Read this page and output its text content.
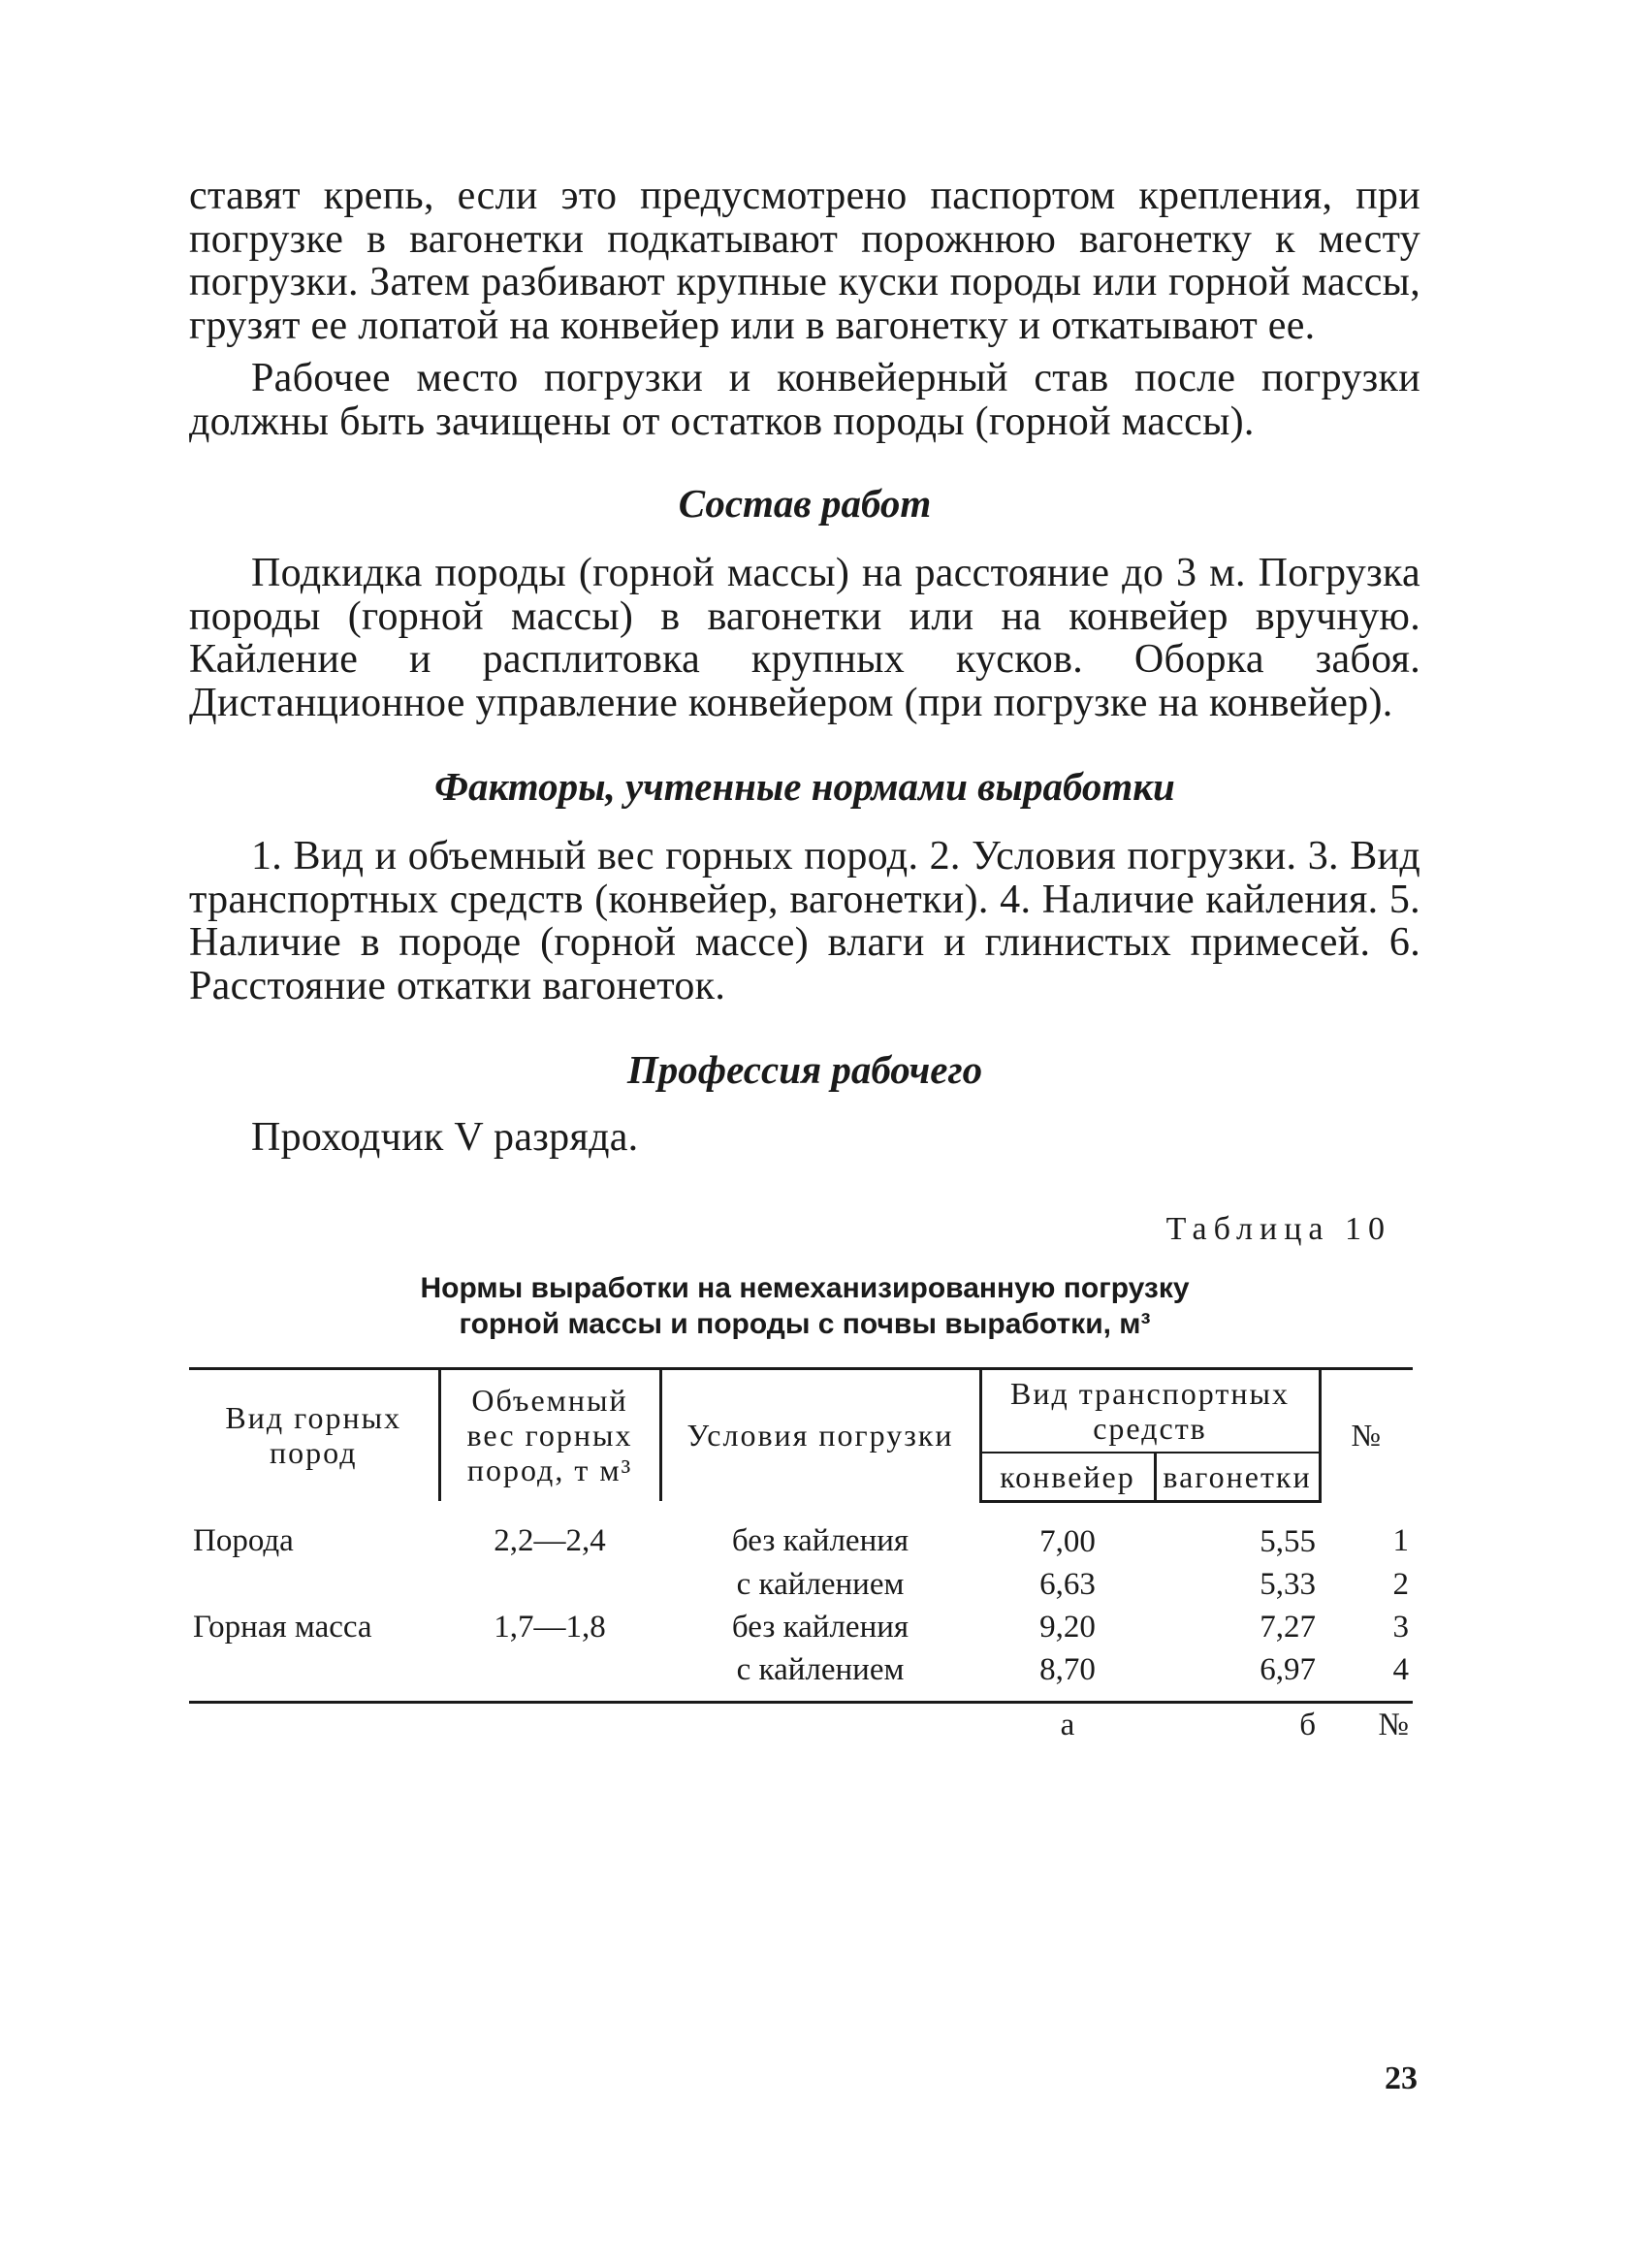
ставят крепь, если это предусмотрено паспортом крепления, при погрузке в вагонетки подкатывают порожнюю вагонетку к месту погрузки. Затем разбивают крупные куски породы или горной массы, грузят ее лопатой на конвейер или в вагонетку и откатывают ее.

Рабочее место погрузки и конвейерный став после погрузки должны быть зачищены от остатков породы (горной массы).

Состав работ

Подкидка породы (горной массы) на расстояние до 3 м. Погрузка породы (горной массы) в вагонетки или на конвейер вручную. Кайление и расплитовка крупных кусков. Оборка забоя. Дистанционное управление конвейером (при погрузке на конвейер).

Факторы, учтенные нормами выработки

1. Вид и объемный вес горных пород. 2. Условия погрузки. 3. Вид транспортных средств (конвейер, вагонетки). 4. Наличие кайления. 5. Наличие в породе (горной массе) влаги и глинистых примесей. 6. Расстояние откатки вагонеток.

Профессия рабочего

Проходчик V разряда.

Таблица 10
Нормы выработки на немеханизированную погрузку
горной массы и породы с почвы выработки, м³
Вид горных пород	Объемный вес горных пород, т м³	Условия погрузки	Вид транспортных средств		№
			конвейер	вагонетки	
Порода	2,2—2,4	без кайления	7,00	5,55	1
		с кайлением	6,63	5,33	2
Горная масса	1,7—1,8	без кайления	9,20	7,27	3
		с кайлением	8,70	6,97	4
			а	б	№
23
